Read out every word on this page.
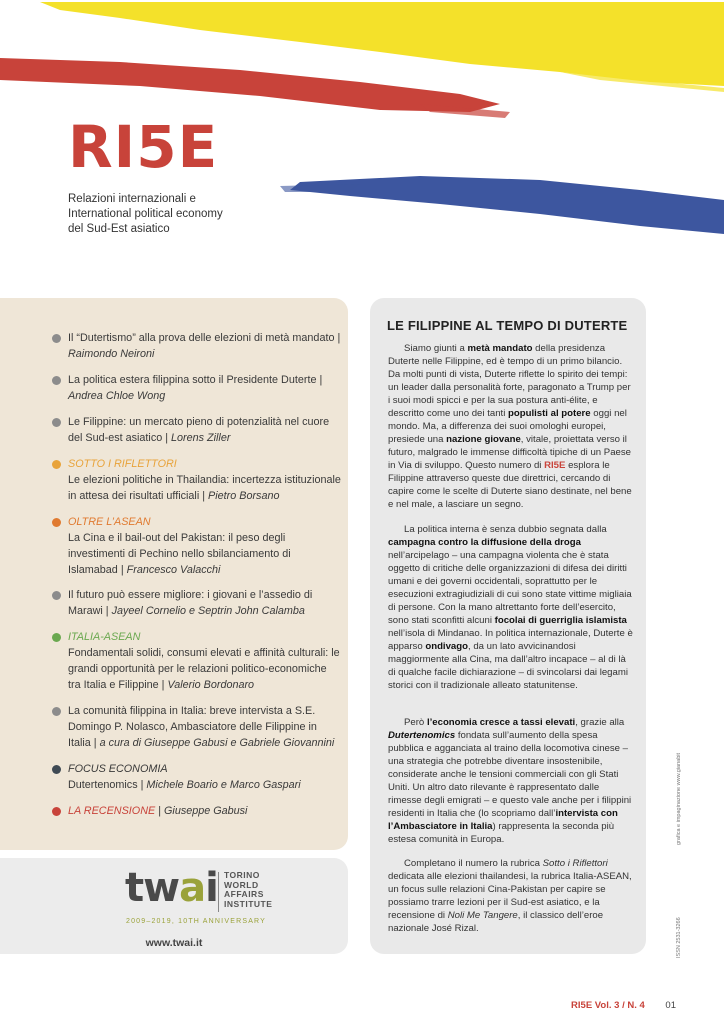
RI5E
Relazioni internazionali e
International political economy
del Sud-Est asiatico
Il “Dutertismo” alla prova delle elezioni di metà mandato | Raimondo Neironi
La politica estera filippina sotto il Presidente Duterte | Andrea Chloe Wong
Le Filippine: un mercato pieno di potenzialità nel cuore del Sud-est asiatico | Lorens Ziller
SOTTO I RIFLETTORI
Le elezioni politiche in Thailandia: incertezza istituzionale in attesa dei risultati ufficiali | Pietro Borsano
OLTRE L’ASEAN
La Cina e il bail-out del Pakistan: il peso degli investimenti di Pechino nello sbilanciamento di Islamabad | Francesco Valacchi
Il futuro può essere migliore: i giovani e l’assedio di Marawi | Jayeel Cornelio e Septrin John Calamba
ITALIA-ASEAN
Fondamentali solidi, consumi elevati e affinità culturali: le grandi opportunità per le relazioni politico-economiche tra Italia e Filippine | Valerio Bordonaro
La comunità filippina in Italia: breve intervista a S.E. Domingo P. Nolasco, Ambasciatore delle Filippine in Italia | a cura di Giuseppe Gabusi e Gabriele Giovannini
FOCUS ECONOMIA
Dutertenomics | Michele Boario e Marco Gaspari
LA RECENSIONE | Giuseppe Gabusi
twai TORINO
WORLD
AFFAIRS
INSTITUTE
2009–2019, 10TH ANNIVERSARY
www.twai.it
LE FILIPPINE AL TEMPO DI DUTERTE

Siamo giunti a metà mandato della presidenza Duterte nelle Filippine, ed è tempo di un primo bilancio. Da molti punti di vista, Duterte riflette lo spirito dei tempi: un leader dalla personalità forte, paragonato a Trump per i suoi modi spicci e per la sua postura anti-élite, e descritto come uno dei tanti populisti al potere oggi nel mondo. Ma, a differenza dei suoi omologhi europei, presiede una nazione giovane, vitale, proiettata verso il futuro, malgrado le immense difficoltà tipiche di un Paese in Via di sviluppo. Questo numero di RI5E esplora le Filippine attraverso queste due direttrici, cercando di capire come le scelte di Duterte siano destinate, nel bene e nel male, a lasciare un segno.

La politica interna è senza dubbio segnata dalla campagna contro la diffusione della droga nell’arcipelago – una campagna violenta che è stata oggetto di critiche delle organizzazioni di difesa dei diritti umani e dei governi occidentali, soprattutto per le esecuzioni extragiudiziali di cui sono state vittime migliaia di persone. Con la mano altrettanto forte dell’esercito, sono stati sconfitti alcuni focolai di guerriglia islamista nell’isola di Mindanao. In politica internazionale, Duterte è apparso ondivago, da un lato avvicinandosi maggiormente alla Cina, ma dall’altro incapace – al di là di qualche facile dichiarazione – di svincolarsi dai legami storici con il tradizionale alleato statunitense.

Però l’economia cresce a tassi elevati, grazie alla Dutertenomics fondata sull’aumento della spesa pubblica e agganciata al traino della locomotiva cinese – una strategia che potrebbe diventare insostenibile, considerate anche le tensioni commerciali con gli Stati Uniti. Un altro dato rilevante è rappresentato dalle rimesse degli emigrati – e questo vale anche per i filippini residenti in Italia che (lo scopriamo dall’intervista con l’Ambasciatore in Italia) rappresenta la seconda più estesa comunità in Europa.

Completano il numero la rubrica Sotto i Riflettori dedicata alle elezioni thailandesi, la rubrica Italia-ASEAN, un focus sulle relazioni Cina-Pakistan per capire se possiamo trarre lezioni per il Sud-est asiatico, e la recensione di Noli Me Tangere, il classico dell’eroe nazionale José Rizal.

grafica e impaginazione www.gianabit
ISSN 2531-3266
RI5E Vol. 3 / N. 4 01
